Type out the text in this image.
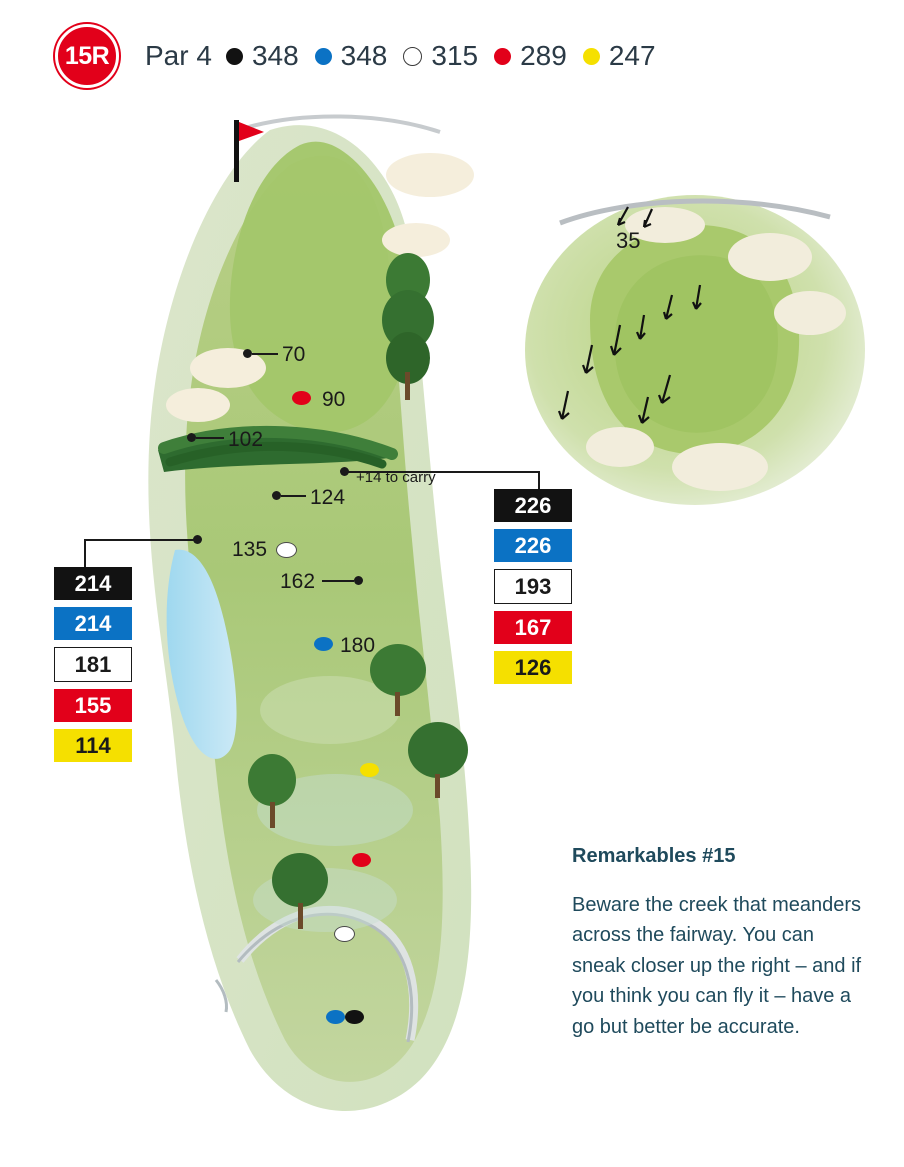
15R	Par 4 348 348 315 289 247
35
70
90
102
+14 to carry
124
135
162
180
214
214
181
155
114
226
226
193
167
126
Remarkables #15
Beware the creek that meanders across the fairway. You can sneak closer up the right – and if you think you can fly it – have a go but better be accurate.
